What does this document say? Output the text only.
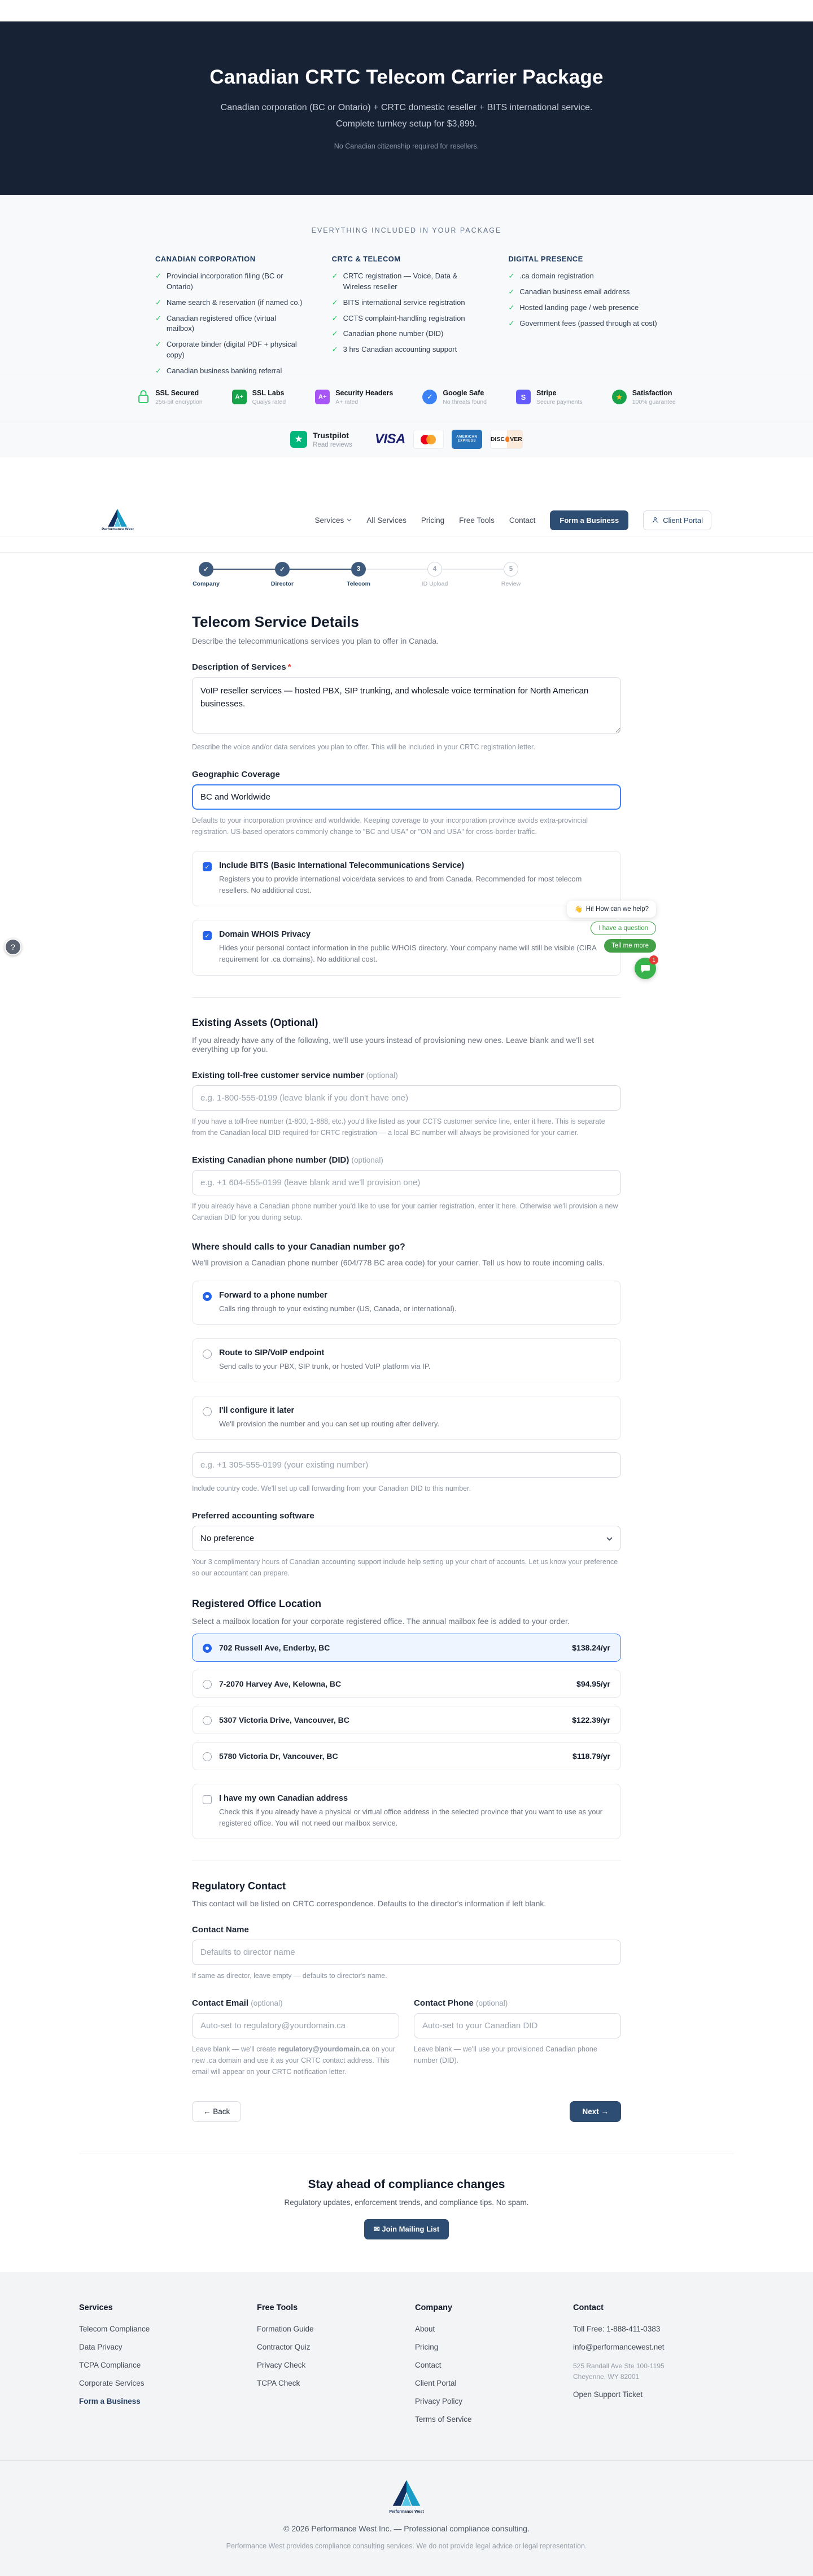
Canadian CRTC Telecom Carrier Package

Canadian corporation (BC or Ontario) + CRTC domestic reseller + BITS international service. Complete turnkey setup for $3,899.

No Canadian citizenship required for resellers.

EVERYTHING INCLUDED IN YOUR PACKAGE

CANADIAN CORPORATION
✓ Provincial incorporation filing (BC or Ontario)
✓ Name search & reservation (if named co.)
✓ Canadian registered office (virtual mailbox)
✓ Corporate binder (digital PDF + physical copy)
✓ Canadian business banking referral
CRTC & TELECOM
✓ CRTC registration — Voice, Data & Wireless reseller
✓ BITS international service registration
✓ CCTS complaint-handling registration
✓ Canadian phone number (DID)
✓ 3 hrs Canadian accounting support
DIGITAL PRESENCE
✓ .ca domain registration
✓ Canadian business email address
✓ Hosted landing page / web presence
✓ Government fees (passed through at cost)
SSL Secured
256-bit encryption
A+
SSL Labs
Qualys rated
A+
Security Headers
A+ rated
✓	Google Safe
No threats found
S	Stripe
Secure payments
★	Satisfaction
100% guarantee
★	Trustpilot
Read reviews VISA	AMERICAN
EXPRESS DISC VER
Performance West
Services	All Services Pricing Free Tools Contact	Form a Business	Client Portal
✓
Company
✓
Director
3
Telecom
4
ID Upload
5
Review
Telecom Service Details

Describe the telecommunications services you plan to offer in Canada.

Description of Services *
VoIP reseller services — hosted PBX, SIP trunking, and wholesale voice termination for North American businesses.

Describe the voice and/or data services you plan to offer. This will be included in your CRTC registration letter.

Geographic Coverage
BC and Worldwide

Defaults to your incorporation province and worldwide. Keeping coverage to your incorporation province avoids extra-provincial registration. US-based operators commonly change to "BC and USA" or "ON and USA" for cross-border traffic.

✓
Include BITS (Basic International Telecommunications Service)
Registers you to provide international voice/data services to and from Canada. Recommended for most telecom resellers. No additional cost.
✓
Domain WHOIS Privacy
Hides your personal contact information in the public WHOIS directory. Your company name will still be visible (CIRA requirement for .ca domains). No additional cost.
Existing Assets (Optional)

If you already have any of the following, we'll use yours instead of provisioning new ones. Leave blank and we'll set everything up for you.

Existing toll-free customer service number (optional)
e.g. 1-800-555-0199 (leave blank if you don't have one)

If you have a toll-free number (1-800, 1-888, etc.) you'd like listed as your CCTS customer service line, enter it here. This is separate from the Canadian local DID required for CRTC registration — a local BC number will always be provisioned for your carrier.

Existing Canadian phone number (DID) (optional)
e.g. +1 604-555-0199 (leave blank and we'll provision one)

If you already have a Canadian phone number you'd like to use for your carrier registration, enter it here. Otherwise we'll provision a new Canadian DID for you during setup.

Where should calls to your Canadian number go?

We'll provision a Canadian phone number (604/778 BC area code) for your carrier. Tell us how to route incoming calls.

Forward to a phone number
Calls ring through to your existing number (US, Canada, or international).
Route to SIP/VoIP endpoint
Send calls to your PBX, SIP trunk, or hosted VoIP platform via IP.
I'll configure it later
We'll provision the number and you can set up routing after delivery.
e.g. +1 305-555-0199 (your existing number)

Include country code. We'll set up call forwarding from your Canadian DID to this number.

Preferred accounting software
No preference

Your 3 complimentary hours of Canadian accounting support include help setting up your chart of accounts. Let us know your preference so our accountant can prepare.

Registered Office Location

Select a mailbox location for your corporate registered office. The annual mailbox fee is added to your order.

702 Russell Ave, Enderby, BC	$138.24/yr
7-2070 Harvey Ave, Kelowna, BC	$94.95/yr
5307 Victoria Drive, Vancouver, BC	$122.39/yr
5780 Victoria Dr, Vancouver, BC	$118.79/yr
I have my own Canadian address
Check this if you already have a physical or virtual office address in the selected province that you want to use as your registered office. You will not need our mailbox service.
Regulatory Contact

This contact will be listed on CRTC correspondence. Defaults to the director's information if left blank.

Contact Name
Defaults to director name

If same as director, leave empty — defaults to director's name.

Contact Email (optional)
Auto-set to regulatory@yourdomain.ca

Leave blank — we'll create regulatory@yourdomain.ca on your new .ca domain and use it as your CRTC contact address. This email will appear on your CRTC notification letter.

Contact Phone (optional)
Auto-set to your Canadian DID

Leave blank — we'll use your provisioned Canadian phone number (DID).

← Back	Next →
Stay ahead of compliance changes

Regulatory updates, enforcement trends, and compliance tips. No spam.

✉ Join Mailing List
Services
Telecom Compliance
Data Privacy
TCPA Compliance
Corporate Services
Form a Business
Free Tools
Formation Guide
Contractor Quiz
Privacy Check
TCPA Check
Company
About
Pricing
Contact
Client Portal
Privacy Policy
Terms of Service
Contact
Toll Free: 1-888-411-0383
info@performancewest.net
525 Randall Ave Ste 100-1195
Cheyenne, WY 82001
Open Support Ticket
Performance West

© 2026 Performance West Inc. — Professional compliance consulting.

Performance West provides compliance consulting services. We do not provide legal advice or legal representation.

?
👋 Hi! How can we help?
I have a question
Tell me more
1
